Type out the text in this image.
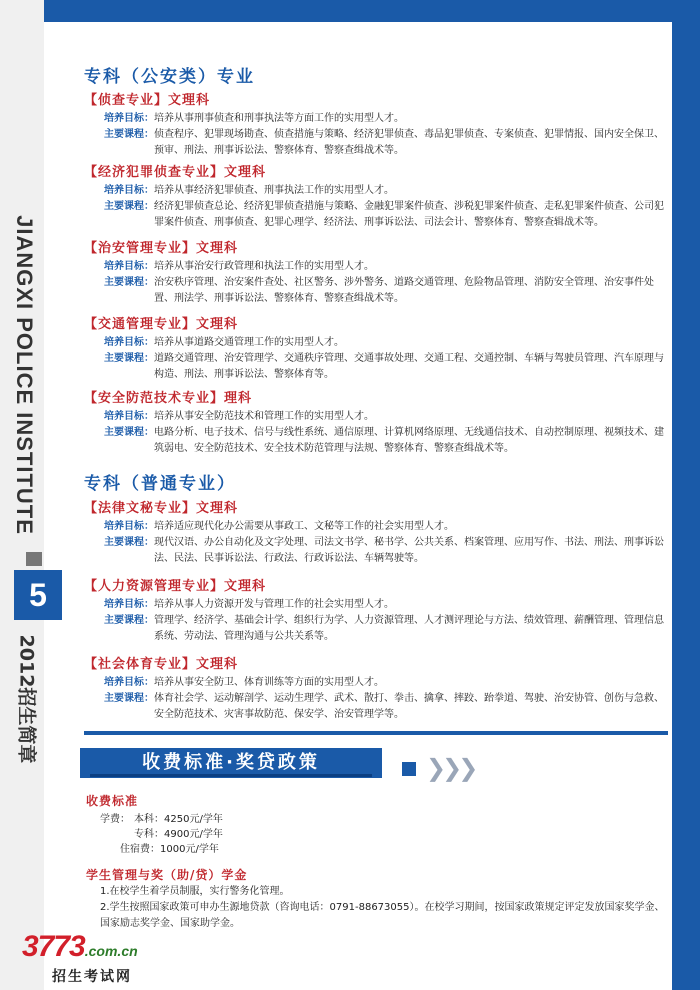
JIANGXI POLICE INSTITUTE
5
2012招生简章
专科（公安类）专业
【侦查专业】文理科
培养目标： 培养从事刑事侦查和刑事执法等方面工作的实用型人才。
主要课程： 侦查程序、犯罪现场勘查、侦查措施与策略、经济犯罪侦查、毒品犯罪侦查、专案侦查、犯罪情报、国内安全保卫、预审、刑法、刑事诉讼法、警察体育、警察查缉战术等。
【经济犯罪侦查专业】文理科
培养目标： 培养从事经济犯罪侦查、刑事执法工作的实用型人才。
主要课程： 经济犯罪侦查总论、经济犯罪侦查措施与策略、金融犯罪案件侦查、涉税犯罪案件侦查、走私犯罪案件侦查、公司犯罪案件侦查、刑事侦查、犯罪心理学、经济法、刑事诉讼法、司法会计、警察体育、警察查辑战术等。
【治安管理专业】文理科
培养目标： 培养从事治安行政管理和执法工作的实用型人才。
主要课程： 治安秩序管理、治安案件查处、社区警务、涉外警务、道路交通管理、危险物品管理、消防安全管理、治安事件处置、刑法学、刑事诉讼法、警察体育、警察查缉战术等。
【交通管理专业】文理科
培养目标： 培养从事道路交通管理工作的实用型人才。
主要课程： 道路交通管理、治安管理学、交通秩序管理、交通事故处理、交通工程、交通控制、车辆与驾驶员管理、汽车原理与构造、刑法、刑事诉讼法、警察体育等。
【安全防范技术专业】理科
培养目标： 培养从事安全防范技术和管理工作的实用型人才。
主要课程： 电路分析、电子技术、信号与线性系统、通信原理、计算机网络原理、无线通信技术、自动控制原理、视频技术、建筑弱电、安全防范技术、安全技术防范管理与法规、警察体育、警察查缉战术等。
专科（普通专业）
【法律文秘专业】文理科
培养目标： 培养适应现代化办公需要从事政工、文秘等工作的社会实用型人才。
主要课程： 现代汉语、办公自动化及文字处理、司法文书学、秘书学、公共关系、档案管理、应用写作、书法、刑法、刑事诉讼法、民法、民事诉讼法、行政法、行政诉讼法、车辆驾驶等。
【人力资源管理专业】文理科
培养目标： 培养从事人力资源开发与管理工作的社会实用型人才。
主要课程： 管理学、经济学、基础会计学、组织行为学、人力资源管理、人才测评理论与方法、绩效管理、薪酬管理、管理信息系统、劳动法、管理沟通与公共关系等。
【社会体育专业】文理科
培养目标： 培养从事安全防卫、体育训练等方面的实用型人才。
主要课程： 体育社会学、运动解剖学、运动生理学、武术、散打、拳击、擒拿、摔跤、跆拳道、驾驶、治安协管、创伤与急救、安全防范技术、灾害事故防范、保安学、治安管理学等。
收费标准·奖贷政策	❯❯❯
收费标准
学费： 本科：4250元/学年
专科：4900元/学年
住宿费： 1000元/学年
学生管理与奖（助/贷）学金
1.在校学生着学员制服，实行警务化管理。
2.学生按照国家政策可申办生源地贷款（咨询电话：0791-88673055）。在校学习期间，按国家政策规定评定发放国家奖学金、国家励志奖学金、国家助学金。
3773.com.cn
招生考试网
